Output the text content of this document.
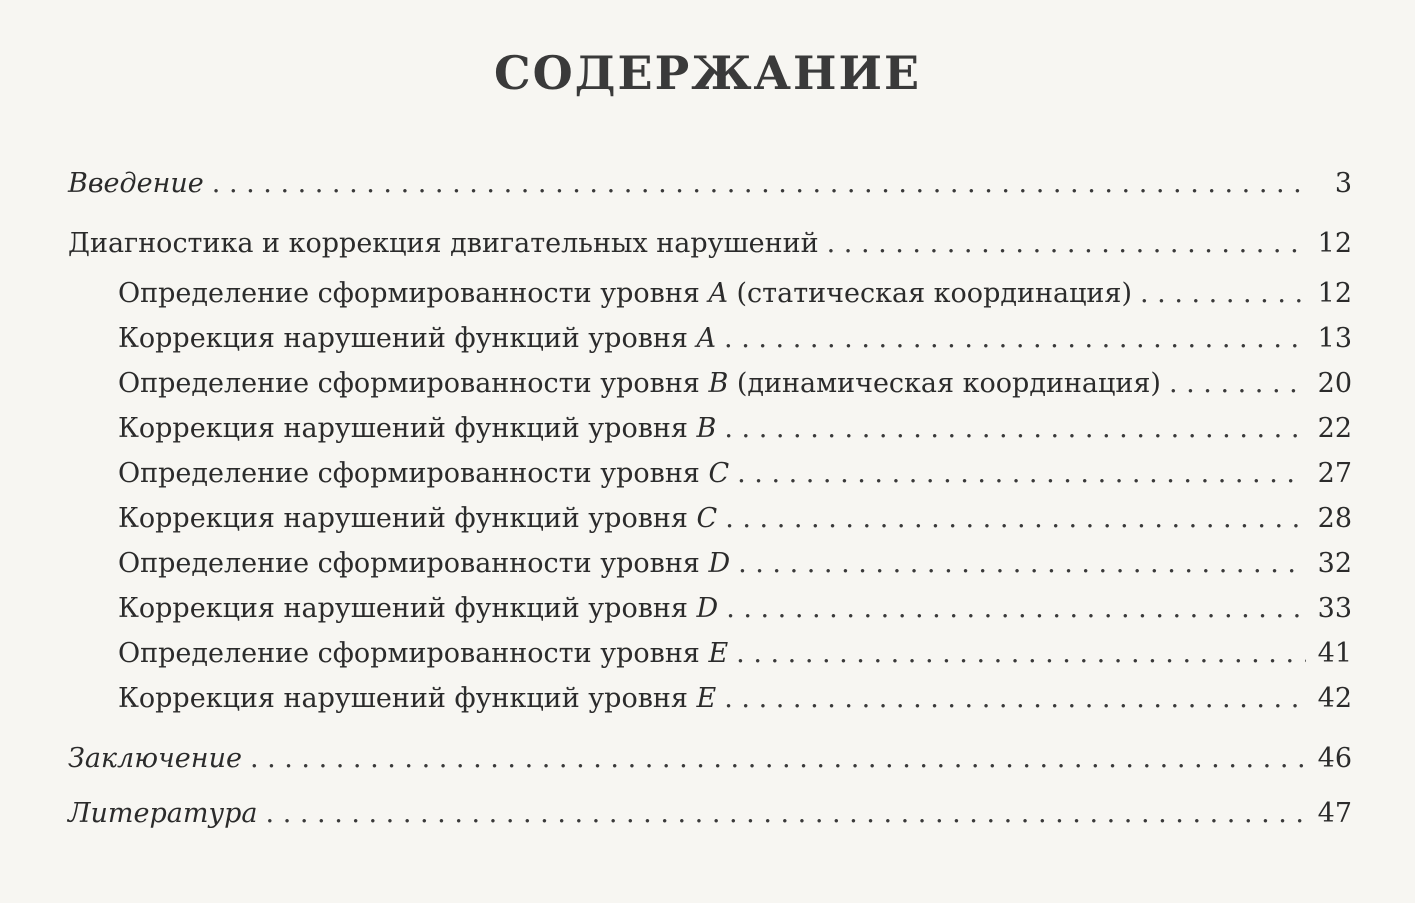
СОДЕРЖАНИЕ
Введение . . .	3
Диагностика и коррекция двигательных нарушений . . .	12
Определение сформированности уровня A (статическая координация) . . .	12
Коррекция нарушений функций уровня A . . .	13
Определение сформированности уровня B (динамическая координация) . . .	20
Коррекция нарушений функций уровня B . . .	22
Определение сформированности уровня C . . .	27
Коррекция нарушений функций уровня C . . .	28
Определение сформированности уровня D . . .	32
Коррекция нарушений функций уровня D . . .	33
Определение сформированности уровня E . . .	41
Коррекция нарушений функций уровня E . . .	42
Заключение . . .	46
Литература . . .	47
